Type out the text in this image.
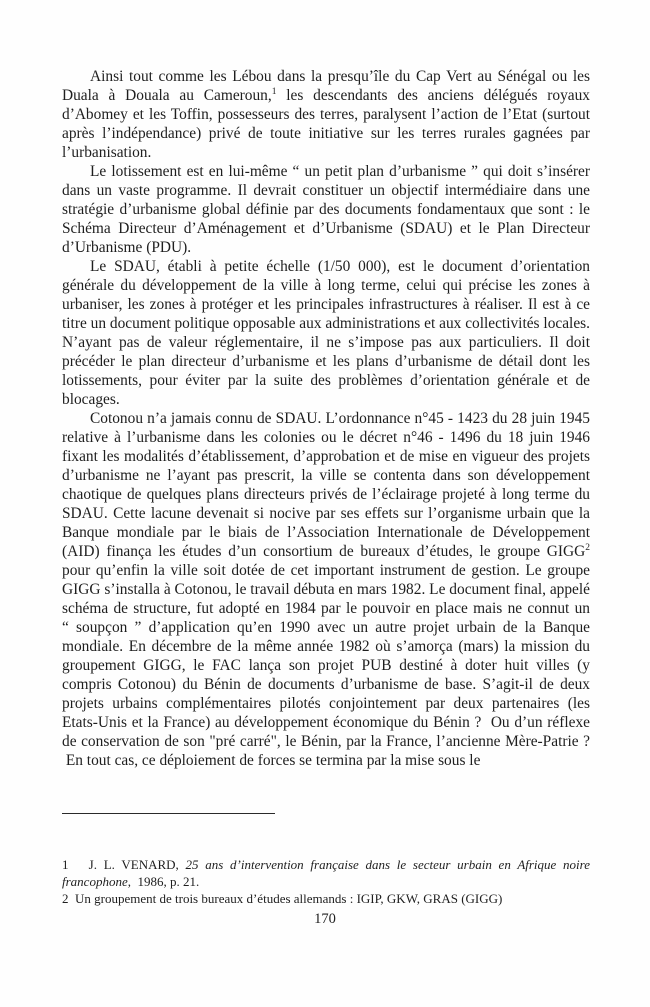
Ainsi tout comme les Lébou dans la presqu’île du Cap Vert au Sénégal ou les Duala à Douala au Cameroun,$^1$ les descendants des anciens délégués royaux d’Abomey et les Toffin, possesseurs des terres, paralysent l’action de l’Etat (surtout après l’indépendance) privé de toute initiative sur les terres rurales gagnées par l’urbanisation.

Le lotissement est en lui-même “ un petit plan d’urbanisme ” qui doit s’insérer dans un vaste programme. Il devrait constituer un objectif intermédiaire dans une stratégie d’urbanisme global définie par des documents fondamentaux que sont : le Schéma Directeur d’Aménagement et d’Urbanisme (SDAU) et le Plan Directeur d’Urbanisme (PDU).

Le SDAU, établi à petite échelle (1/50 000), est le document d’orientation générale du développement de la ville à long terme, celui qui précise les zones à urbaniser, les zones à protéger et les principales infrastructures à réaliser. Il est à ce titre un document politique opposable aux administrations et aux collectivités locales. N’ayant pas de valeur réglementaire, il ne s’impose pas aux particuliers. Il doit précéder le plan directeur d’urbanisme et les plans d’urbanisme de détail dont les lotissements, pour éviter par la suite des problèmes d’orientation générale et de blocages.

Cotonou n’a jamais connu de SDAU. L’ordonnance n°45 - 1423 du 28 juin 1945 relative à l’urbanisme dans les colonies ou le décret n°46 - 1496 du 18 juin 1946 fixant les modalités d’établissement, d’approbation et de mise en vigueur des projets d’urbanisme ne l’ayant pas prescrit, la ville se contenta dans son développement chaotique de quelques plans directeurs privés de l’éclairage projeté à long terme du SDAU. Cette lacune devenait si nocive par ses effets sur l’organisme urbain que la Banque mondiale par le biais de l’Association Internationale de Développement (AID) finança les études d’un consortium de bureaux d’études, le groupe GIGG$^2$ pour qu’enfin la ville soit dotée de cet important instrument de gestion. Le groupe GIGG s’installa à Cotonou, le travail débuta en mars 1982. Le document final, appelé schéma de structure, fut adopté en 1984 par le pouvoir en place mais ne connut un “ soupçon ” d’application qu’en 1990 avec un autre projet urbain de la Banque mondiale. En décembre de la même année 1982 où s’amorça (mars) la mission du groupement GIGG, le FAC lança son projet PUB destiné à doter huit villes (y compris Cotonou) du Bénin de documents d’urbanisme de base. S’agit-il de deux projets urbains complémentaires pilotés conjointement par deux partenaires (les Etats-Unis et la France) au développement économique du Bénin ?  Ou d’un réflexe de conservation de son "pré carré", le Bénin, par la France, l’ancienne Mère-Patrie ?  En tout cas, ce déploiement de forces se termina par la mise sous le

1   J. L. VENARD, 25 ans d’intervention française dans le secteur urbain en Afrique noire francophone,  1986, p. 21.

2  Un groupement de trois bureaux d’études allemands : IGIP, GKW, GRAS (GIGG)

170
